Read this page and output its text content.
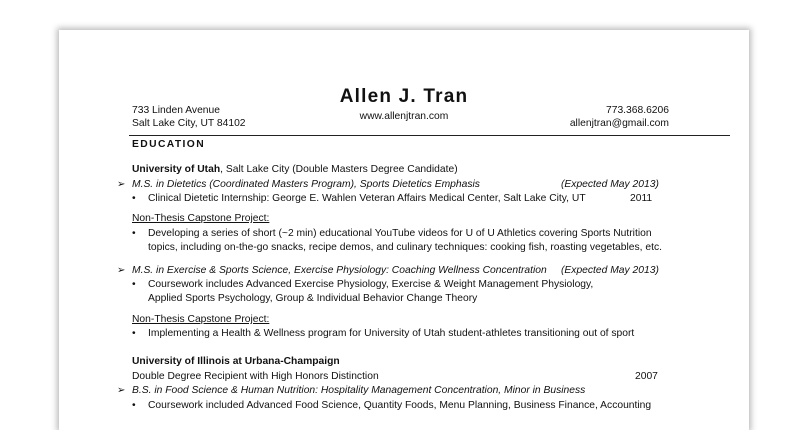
Allen J. Tran
733 Linden Avenue
Salt Lake City, UT 84102
www.allenjtran.com
773.368.6206
allenjtran@gmail.com
EDUCATION
University of Utah, Salt Lake City (Double Masters Degree Candidate)
➢ M.S. in Dietetics (Coordinated Masters Program), Sports Dietetics Emphasis	(Expected May 2013)
• Clinical Dietetic Internship: George E. Wahlen Veteran Affairs Medical Center, Salt Lake City, UT	2011
Non-Thesis Capstone Project:
• Developing a series of short (~2 min) educational YouTube videos for U of U Athletics covering Sports Nutrition
topics, including on-the-go snacks, recipe demos, and culinary techniques: cooking fish, roasting vegetables, etc.
➢ M.S. in Exercise & Sports Science, Exercise Physiology: Coaching Wellness Concentration (Expected May 2013)
• Coursework includes Advanced Exercise Physiology, Exercise & Weight Management Physiology,
Applied Sports Psychology, Group & Individual Behavior Change Theory
Non-Thesis Capstone Project:
• Implementing a Health & Wellness program for University of Utah student-athletes transitioning out of sport
University of Illinois at Urbana-Champaign
Double Degree Recipient with High Honors Distinction	2007
➢ B.S. in Food Science & Human Nutrition: Hospitality Management Concentration, Minor in Business
• Coursework included Advanced Food Science, Quantity Foods, Menu Planning, Business Finance, Accounting
